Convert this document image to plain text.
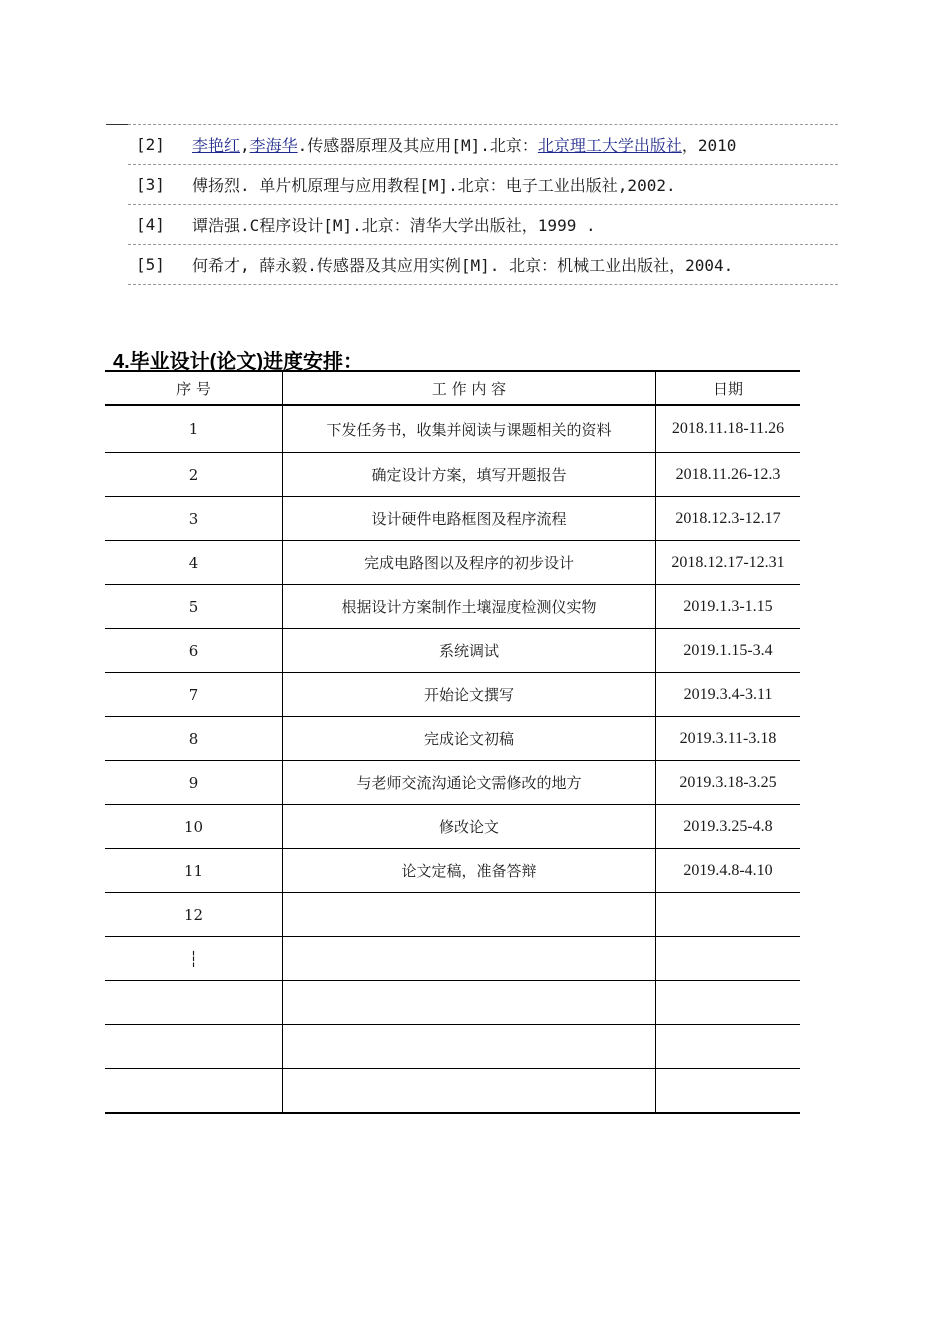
[2]	李艳红,李海华.传感器原理及其应用[M].北京：北京理工大学出版社，2010
[3]	傅扬烈. 单片机原理与应用教程[M].北京：电子工业出版社,2002.
[4]	谭浩强.C程序设计[M].北京：清华大学出版社，1999 .
[5]	何希才, 薛永毅.传感器及其应用实例[M]. 北京：机械工业出版社，2004.
4.毕业设计(论文)进度安排：
序 号	工 作 内 容	日期
1	下发任务书，收集并阅读与课题相关的资料	2018.11.18-11.26
2	确定设计方案，填写开题报告	2018.11.26-12.3
3	设计硬件电路框图及程序流程	2018.12.3-12.17
4	完成电路图以及程序的初步设计	2018.12.17-12.31
5	根据设计方案制作土壤湿度检测仪实物	2019.1.3-1.15
6	系统调试	2019.1.15-3.4
7	开始论文撰写	2019.3.4-3.11
8	完成论文初稿	2019.3.11-3.18
9	与老师交流沟通论文需修改的地方	2019.3.18-3.25
10	修改论文	2019.3.25-4.8
11	论文定稿，准备答辩	2019.4.8-4.10
12		
┆		
